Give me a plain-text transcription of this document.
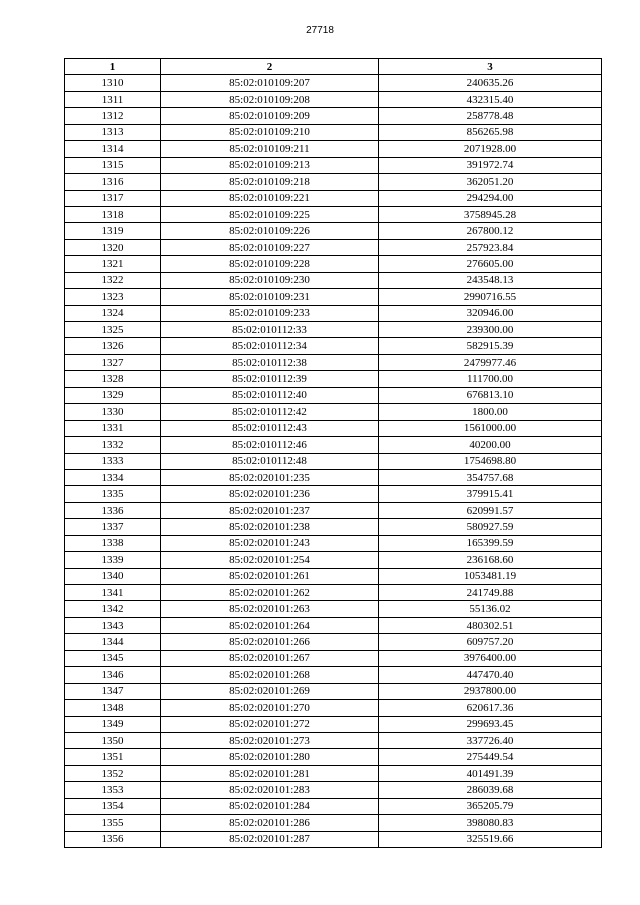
27718
1	2	3
1310	85:02:010109:207	240635.26
1311	85:02:010109:208	432315.40
1312	85:02:010109:209	258778.48
1313	85:02:010109:210	856265.98
1314	85:02:010109:211	2071928.00
1315	85:02:010109:213	391972.74
1316	85:02:010109:218	362051.20
1317	85:02:010109:221	294294.00
1318	85:02:010109:225	3758945.28
1319	85:02:010109:226	267800.12
1320	85:02:010109:227	257923.84
1321	85:02:010109:228	276605.00
1322	85:02:010109:230	243548.13
1323	85:02:010109:231	2990716.55
1324	85:02:010109:233	320946.00
1325	85:02:010112:33	239300.00
1326	85:02:010112:34	582915.39
1327	85:02:010112:38	2479977.46
1328	85:02:010112:39	111700.00
1329	85:02:010112:40	676813.10
1330	85:02:010112:42	1800.00
1331	85:02:010112:43	1561000.00
1332	85:02:010112:46	40200.00
1333	85:02:010112:48	1754698.80
1334	85:02:020101:235	354757.68
1335	85:02:020101:236	379915.41
1336	85:02:020101:237	620991.57
1337	85:02:020101:238	580927.59
1338	85:02:020101:243	165399.59
1339	85:02:020101:254	236168.60
1340	85:02:020101:261	1053481.19
1341	85:02:020101:262	241749.88
1342	85:02:020101:263	55136.02
1343	85:02:020101:264	480302.51
1344	85:02:020101:266	609757.20
1345	85:02:020101:267	3976400.00
1346	85:02:020101:268	447470.40
1347	85:02:020101:269	2937800.00
1348	85:02:020101:270	620617.36
1349	85:02:020101:272	299693.45
1350	85:02:020101:273	337726.40
1351	85:02:020101:280	275449.54
1352	85:02:020101:281	401491.39
1353	85:02:020101:283	286039.68
1354	85:02:020101:284	365205.79
1355	85:02:020101:286	398080.83
1356	85:02:020101:287	325519.66
